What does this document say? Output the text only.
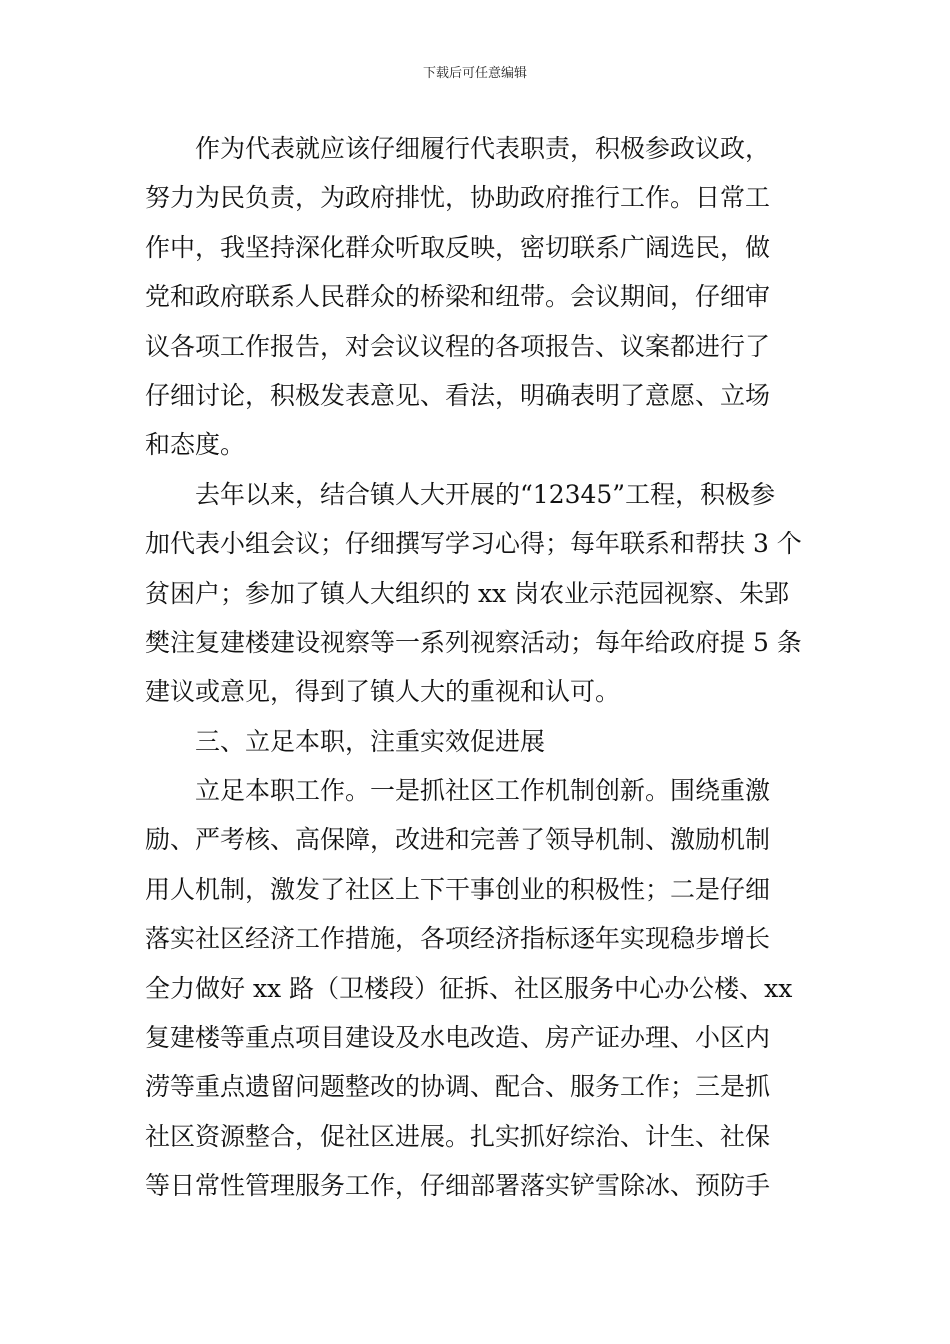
下载后可任意编辑
作为代表就应该仔细履行代表职责，积极参政议政，
努力为民负责，为政府排忧，协助政府推行工作。日常工
作中，我坚持深化群众听取反映，密切联系广阔选民，做
党和政府联系人民群众的桥梁和纽带。会议期间，仔细审
议各项工作报告，对会议议程的各项报告、议案都进行了
仔细讨论，积极发表意见、看法，明确表明了意愿、立场
和态度。
去年以来，结合镇人大开展的“12345”工程，积极参
加代表小组会议；仔细撰写学习心得；每年联系和帮扶 3 个
贫困户；参加了镇人大组织的 xx 岗农业示范园视察、朱郢
樊注复建楼建设视察等一系列视察活动；每年给政府提 5 条
建议或意见，得到了镇人大的重视和认可。
三、立足本职，注重实效促进展
立足本职工作。一是抓社区工作机制创新。围绕重激
励、严考核、高保障，改进和完善了领导机制、激励机制
用人机制，激发了社区上下干事创业的积极性；二是仔细
落实社区经济工作措施，各项经济指标逐年实现稳步增长
全力做好 xx 路（卫楼段）征拆、社区服务中心办公楼、xx
复建楼等重点项目建设及水电改造、房产证办理、小区内
涝等重点遗留问题整改的协调、配合、服务工作；三是抓
社区资源整合，促社区进展。扎实抓好综治、计生、社保
等日常性管理服务工作，仔细部署落实铲雪除冰、预防手
